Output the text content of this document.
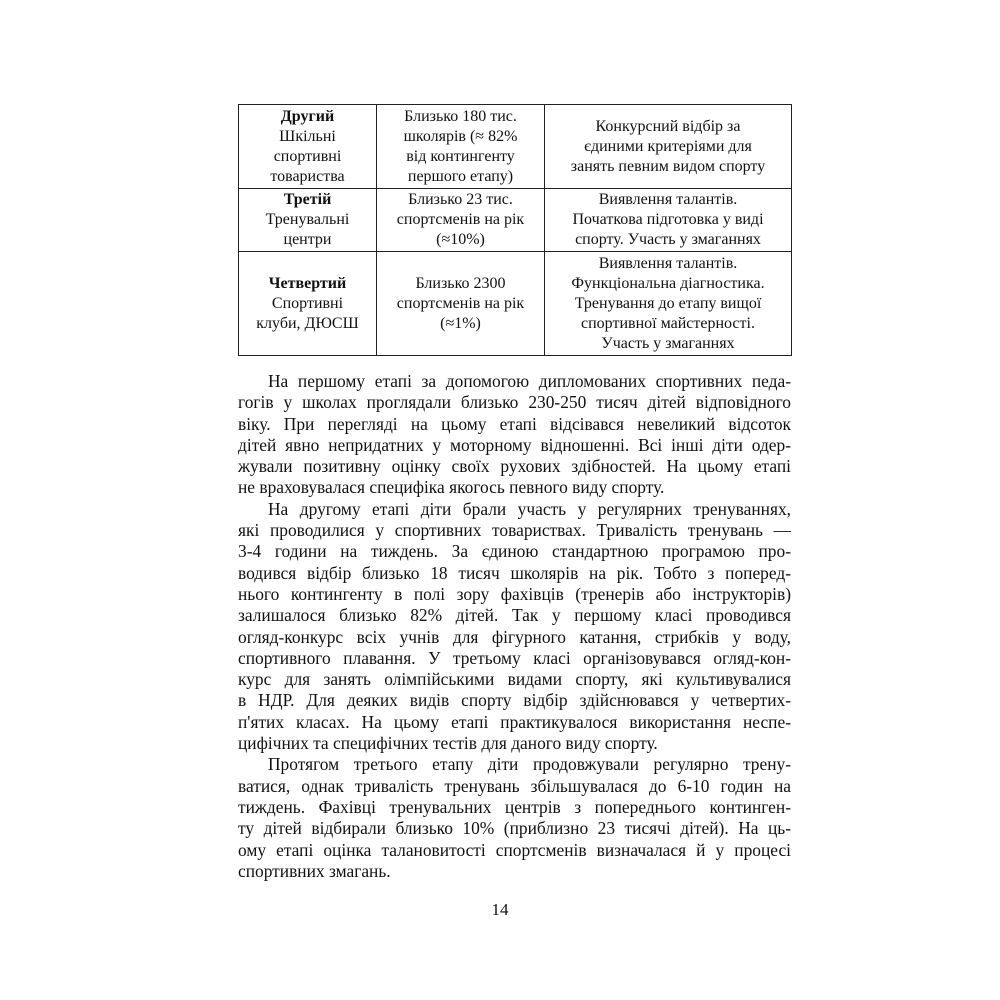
Другий
Шкільні
спортивні
товариства	Близько 180 тис.
школярів (≈ 82%
від контингенту
першого етапу)	Конкурсний відбір за
єдиними критеріями для
занять певним видом спорту

Третій
Тренувальні
центри	Близько 23 тис.
спортсменів на рік
(≈10%)	Виявлення талантів.
Початкова підготовка у виді
спорту. Участь у змаганнях

Четвертий
Спортивні
клуби, ДЮСШ	Близько 2300
спортсменів на рік
(≈1%)	Виявлення талантів.
Функціональна діагностика.
Тренування до етапу вищої
спортивної майстерності.
Участь у змаганнях
На першому етапі за допомогою дипломованих спортивних педа-
гогів у школах проглядали близько 230-250 тисяч дітей відповідного
віку. При перегляді на цьому етапі відсівався невеликий відсоток
дітей явно непридатних у моторному відношенні. Всі інші діти одер-
жували позитивну оцінку своїх рухових здібностей. На цьому етапі
не враховувалася специфіка якогось певного виду спорту.
На другому етапі діти брали участь у регулярних тренуваннях,
які проводилися у спортивних товариствах. Тривалість тренувань —
3-4 години на тиждень. За єдиною стандартною програмою про-
водився відбір близько 18 тисяч школярів на рік. Тобто з поперед-
нього контингенту в полі зору фахівців (тренерів або інструкторів)
залишалося близько 82% дітей. Так у першому класі проводився
огляд-конкурс всіх учнів для фігурного катання, стрибків у воду,
спортивного плавання. У третьому класі організовувався огляд-кон-
курс для занять олімпійськими видами спорту, які культивувалися
в НДР. Для деяких видів спорту відбір здійснювався у четвертих-
п'ятих класах. На цьому етапі практикувалося використання неспе-
цифічних та специфічних тестів для даного виду спорту.
Протягом третього етапу діти продовжували регулярно трену-
ватися, однак тривалість тренувань збільшувалася до 6-10 годин на
тиждень. Фахівці тренувальних центрів з попереднього континген-
ту дітей відбирали близько 10% (приблизно 23 тисячі дітей). На ць-
ому етапі оцінка талановитості спортсменів визначалася й у процесі
спортивних змагань.
14
